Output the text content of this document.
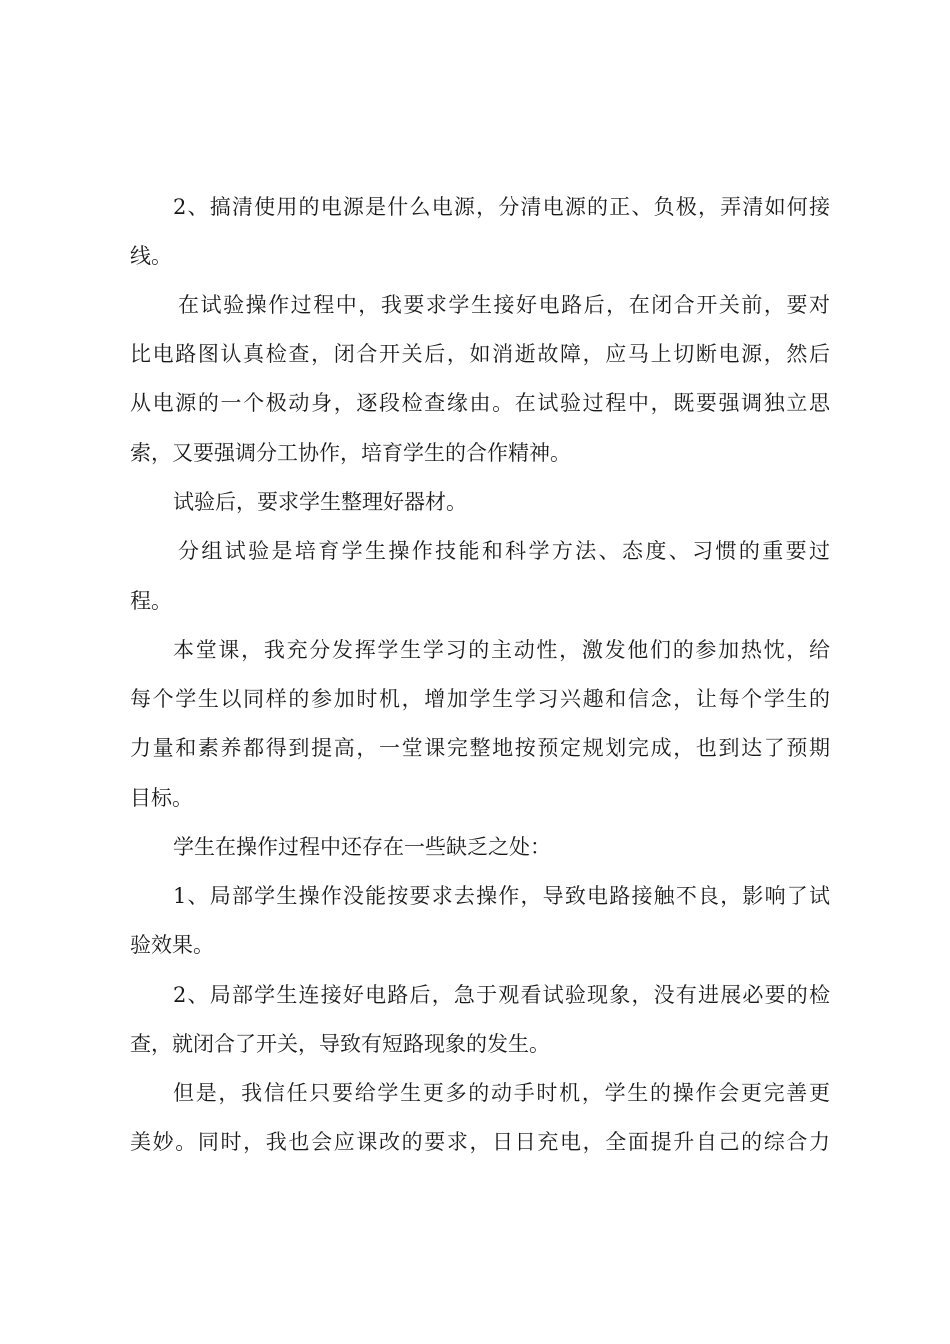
2、搞清使用的电源是什么电源，分清电源的正、负极，弄清如何接
线。
在试验操作过程中，我要求学生接好电路后，在闭合开关前，要对
比电路图认真检查，闭合开关后，如消逝故障，应马上切断电源，然后
从电源的一个极动身，逐段检查缘由。在试验过程中，既要强调独立思
索，又要强调分工协作，培育学生的合作精神。
试验后，要求学生整理好器材。
分组试验是培育学生操作技能和科学方法、态度、习惯的重要过
程。
本堂课，我充分发挥学生学习的主动性，激发他们的参加热忱，给
每个学生以同样的参加时机，增加学生学习兴趣和信念，让每个学生的
力量和素养都得到提高，一堂课完整地按预定规划完成，也到达了预期
目标。
学生在操作过程中还存在一些缺乏之处：
1、局部学生操作没能按要求去操作，导致电路接触不良，影响了试
验效果。
2、局部学生连接好电路后，急于观看试验现象，没有进展必要的检
查，就闭合了开关，导致有短路现象的发生。
但是，我信任只要给学生更多的动手时机，学生的操作会更完善更
美妙。同时，我也会应课改的要求，日日充电，全面提升自己的综合力
